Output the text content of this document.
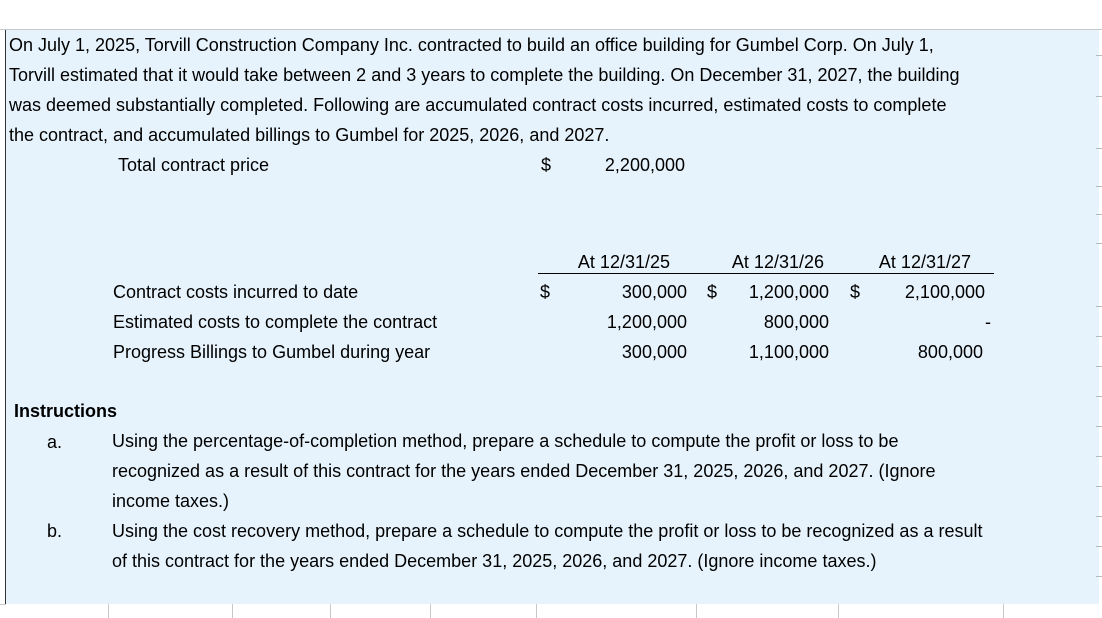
On July 1, 2025, Torvill Construction Company Inc. contracted to build an office building for Gumbel Corp. On July 1,
Torvill estimated that it would take between 2 and 3 years to complete the building. On December 31, 2027, the building
was deemed substantially completed. Following are accumulated contract costs incurred, estimated costs to complete
the contract, and accumulated billings to Gumbel for 2025, 2026, and 2027.
Total contract price	$	2,200,000
At 12/31/25	At 12/31/26	At 12/31/27
Contract costs incurred to date	$	300,000 $	1,200,000 $	2,100,000
Estimated costs to complete the contract	1,200,000	800,000	-
Progress Billings to Gumbel during year	300,000	1,100,000	800,000
Instructions
a.	Using the percentage-of-completion method, prepare a schedule to compute the profit or loss to be
recognized as a result of this contract for the years ended December 31, 2025, 2026, and 2027. (Ignore
income taxes.)
b.	Using the cost recovery method, prepare a schedule to compute the profit or loss to be recognized as a result
of this contract for the years ended December 31, 2025, 2026, and 2027. (Ignore income taxes.)
